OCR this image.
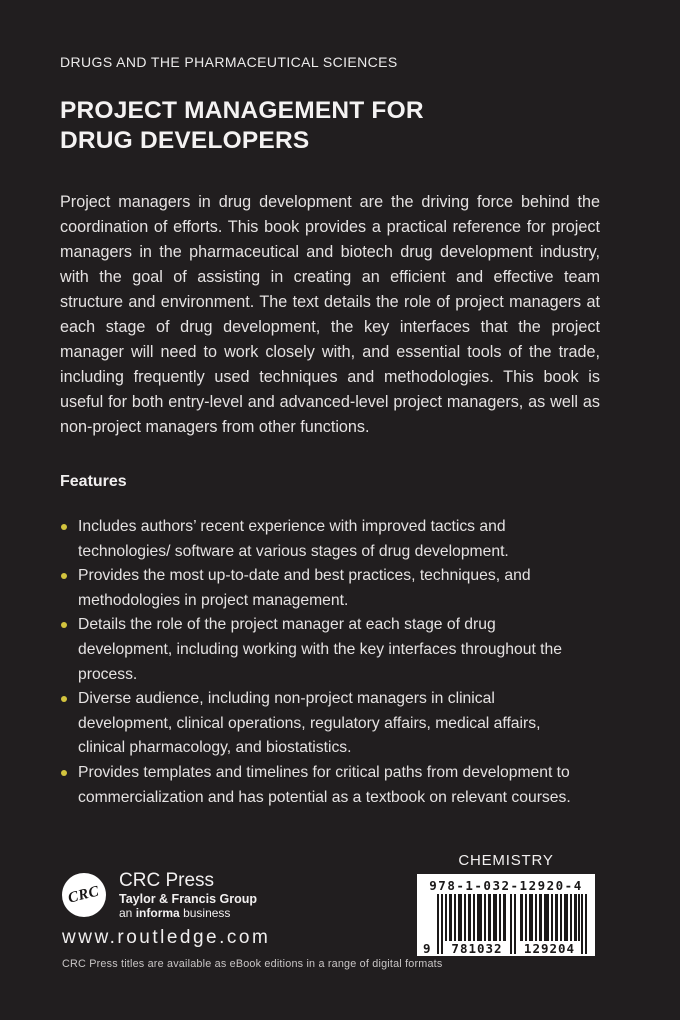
DRUGS AND THE PHARMACEUTICAL SCIENCES
PROJECT MANAGEMENT FOR
DRUG DEVELOPERS

Project managers in drug development are the driving force behind the coordination of efforts. This book provides a practical reference for project managers in the pharmaceutical and biotech drug development industry, with the goal of assisting in creating an efficient and effective team structure and environment. The text details the role of project managers at each stage of drug development, the key interfaces that the project manager will need to work closely with, and essential tools of the trade, including frequently used techniques and methodologies. This book is useful for both entry-level and advanced-level project managers, as well as non-project managers from other functions.

Features
Includes authors’ recent experience with improved tactics and technologies/ software at various stages of drug development.
Provides the most up-to-date and best practices, techniques, and methodologies in project management.
Details the role of the project manager at each stage of drug development, including working with the key interfaces throughout the process.
Diverse audience, including non-project managers in clinical development, clinical operations, regulatory affairs, medical affairs, clinical pharmacology, and biostatistics.
Provides templates and timelines for critical paths from development to commercialization and has potential as a textbook on relevant courses.
CRC
CRC Press
Taylor & Francis Group
an informa business
www.routledge.com
CRC Press titles are available as eBook editions in a range of digital formats
CHEMISTRY
978-1-032-12920-4
9	781032	129204
